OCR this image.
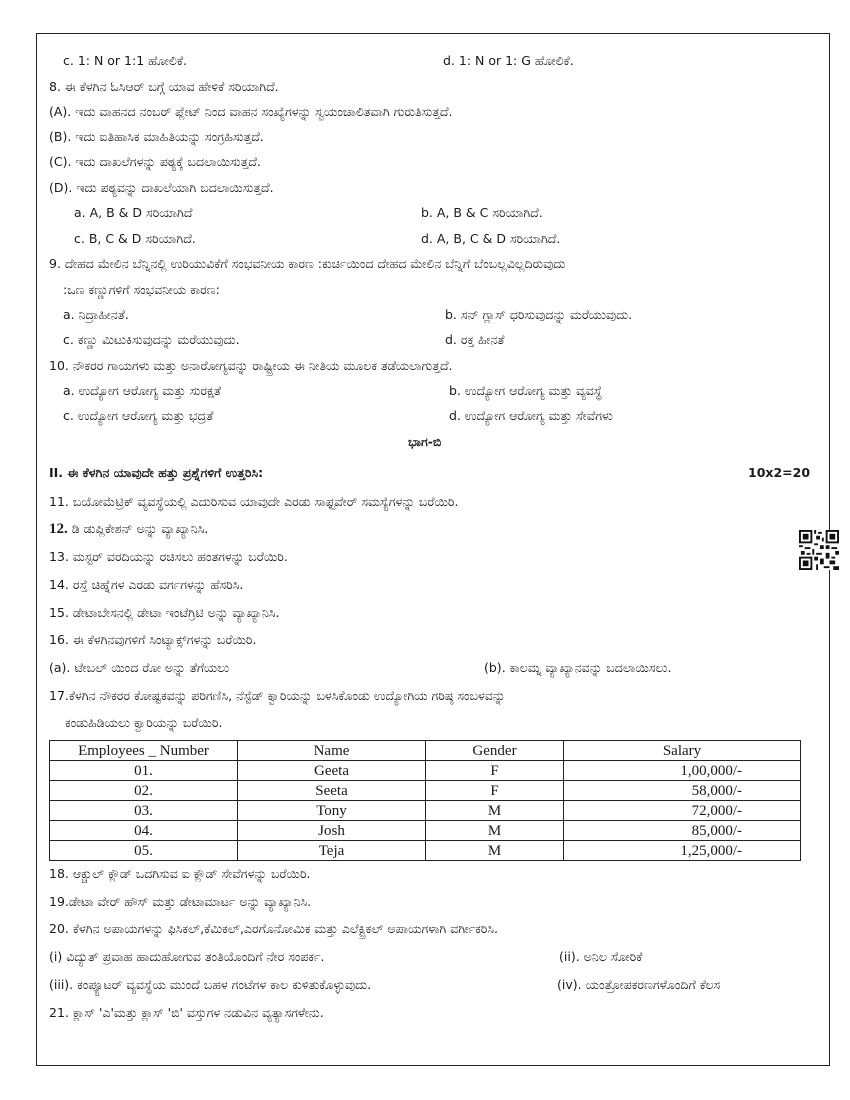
c. 1: N or 1:1 ಹೋಲಿಕೆ.	d. 1: N or 1: G ಹೋಲಿಕೆ.
8. ಈ ಕೆಳಗಿನ ಓಸಿಆರ್ ಬಗ್ಗೆ ಯಾವ ಹೇಳಿಕೆ ಸರಿಯಾಗಿದೆ.
(A). ಇದು ವಾಹನದ ನಂಬರ್ ಪ್ಲೇಟ್ ನಿಂದ ವಾಹನ ಸಂಖ್ಯೆಗಳನ್ನು ಸ್ವಯಂಚಾಲಿತವಾಗಿ ಗುರುತಿಸುತ್ತದೆ.
(B). ಇದು ಐತಿಹಾಸಿಕ ಮಾಹಿತಿಯನ್ನು ಸಂಗ್ರಹಿಸುತ್ತದೆ.
(C). ಇದು ದಾಖಲೆಗಳನ್ನು ಪಠ್ಯಕ್ಕೆ ಬದಲಾಯಿಸುತ್ತದೆ.
(D). ಇದು ಪಠ್ಯವನ್ನು ದಾಖಲೆಯಾಗಿ ಬದಲಾಯಿಸುತ್ತದೆ.
a. A, B & D ಸರಿಯಾಗಿದೆ	b. A, B & C ಸರಿಯಾಗಿದೆ.
c. B, C & D ಸರಿಯಾಗಿದೆ.	d. A, B, C & D ಸರಿಯಾಗಿದೆ.
9. ದೇಹದ ಮೇಲಿನ ಬೆನ್ನಿನಲ್ಲಿ ಉರಿಯುವಿಕೆಗೆ ಸಂಭವನೀಯ ಕಾರಣ :ಕುರ್ಚಿಯಿಂದ ದೇಹದ ಮೇಲಿನ ಬೆನ್ನಿಗೆ ಬೆಂಬಲ್ಲವಿಲ್ಲದಿರುವುದು
:ಒಣ ಕಣ್ಣುಗಳಿಗೆ ಸಂಭವನೀಯ ಕಾರಣ:
a. ನಿದ್ರಾಹೀನತೆ.	b. ಸನ್ ಗ್ಲಾಸ್ ಧರಿಸುವುದನ್ನು ಮರೆಯುವುದು.
c. ಕಣ್ಣು ಮಿಟುಕಿಸುವುದನ್ನು ಮರೆಯುವುದು.	d. ರಕ್ತ ಹೀನತೆ
10. ನೌಕರರ ಗಾಯಗಳು ಮತ್ತು ಅನಾರೋಗ್ಯವನ್ನು ರಾಷ್ಟ್ರೀಯ ಈ ನೀತಿಯ ಮೂಲಕ ತಡೆಯಲಾಗುತ್ತದೆ.
a. ಉದ್ಯೋಗ ಆರೋಗ್ಯ ಮತ್ತು ಸುರಕ್ಷತೆ	b. ಉದ್ಯೋಗ ಆರೋಗ್ಯ ಮತ್ತು ವ್ಯವಸ್ಥೆ
c. ಉದ್ಯೋಗ ಆರೋಗ್ಯ ಮತ್ತು ಭದ್ರತೆ	d. ಉದ್ಯೋಗ ಆರೋಗ್ಯ ಮತ್ತು ಸೇವೆಗಳು
ಭಾಗ-ಬಿ
II. ಈ ಕೆಳಗಿನ ಯಾವುದೇ ಹತ್ತು ಪ್ರಶ್ನೆಗಳಿಗೆ ಉತ್ತರಿಸಿ:	10x2=20
11. ಬಯೋಮೆಟ್ರಿಕ್ ವ್ಯವಸ್ಥೆಯಲ್ಲಿ ಎದುರಿಸುವ ಯಾವುದೇ ಎರಡು ಸಾಫ್ಟವೇರ್ ಸಮಸ್ಯೆಗಳನ್ನು ಬರೆಯಿರಿ.
12. ಡಿ ಡುಪ್ಲಿಕೇಶನ್ ಅನ್ನು ವ್ಯಾಖ್ಯಾನಿಸಿ.
13. ಮಸ್ಟರ್ ವರದಿಯನ್ನು ರಚಿಸಲು ಹಂತಗಳನ್ನು ಬರೆಯಿರಿ.
14. ರಸ್ತೆ ಚಿಹ್ನೆಗಳ ಎರಡು ವರ್ಗಗಳನ್ನು ಹೆಸರಿಸಿ.
15. ಡೇಟಾಬೇಸನಲ್ಲಿ ಡೇಟಾ ಇಂಟೆಗ್ರಿಟಿ ಅನ್ನು ವ್ಯಾಖ್ಯಾನಿಸಿ.
16. ಈ ಕೆಳಗಿನವುಗಳಿಗೆ ಸಿಂಟ್ಯಾಕ್ಸ್‌ಗಳನ್ನು ಬರೆಯಿರಿ.
(a). ಟೇಬಲ್ ಯಿಂದ ರೋ ಅನ್ನು ತೆಗೆಯಲು	(b). ಕಾಲಮ್ನ ವ್ಯಾಖ್ಯಾನವನ್ನು ಬದಲಾಯಿಸಲು.
17.ಕೆಳಗಿನ ನೌಕರರ ಕೋಷ್ಟಕವನ್ನು ಪರಿಗಣಿಸಿ, ನೆಸ್ಟೆಡ್ ಕ್ವಾರಿಯನ್ನು ಬಳಸಿಕೊಂಡು ಉದ್ಯೋಗಿಯ ಗರಿಷ್ಠ ಸಂಬಳವನ್ನು
ಕಂಡುಹಿಡಿಯಲು ಕ್ವಾರಿಯನ್ನು ಬರೆಯಿರಿ.
Employees _ Number	Name	Gender	Salary
01.	Geeta	F	1,00,000/-
02.	Seeta	F	58,000/-
03.	Tony	M	72,000/-
04.	Josh	M	85,000/-
05.	Teja	M	1,25,000/-
18. ಆಕ್ಚುಲ್ ಕ್ಲೌಡ್ ಒದಗಿಸುವ ಐ ಕ್ಲೌಡ್ ಸೇವೆಗಳನ್ನು ಬರೆಯಿರಿ.
19.ಡೇಟಾ ವೇರ್ ಹೌಸ್ ಮತ್ತು ಡೇಟಾಮಾರ್ಟ ಅನ್ನು ವ್ಯಾಖ್ಯಾನಿಸಿ.
20. ಕೆಳಗಿನ ಅಪಾಯಗಳನ್ನು ಫಿಸಿಕಲ್,ಕೆಮಿಕಲ್,ಎರಗೊನೋಮಿಕ ಮತ್ತು ಎಲೆಕ್ಟ್ರಿಕಲ್ ಅಪಾಯಗಳಾಗಿ ವರ್ಗೀಕರಿಸಿ.
(i) ವಿದ್ಯುತ್ ಪ್ರವಾಹ ಹಾದುಹೋಗುವ ತಂತಿಯೊಂದಿಗೆ ನೇರ ಸಂಪರ್ಕ.	(ii). ಅನಿಲ ಸೋರಿಕೆ
(iii). ಕಂಪ್ಯೂಟರ್ ವ್ಯವಸ್ಥೆಯ ಮುಂದೆ ಬಹಳ ಗಂಟೆಗಳ ಕಾಲ ಕುಳಿತುಕೊಳ್ಳುವುದು.	(iv). ಯಂತ್ರೋಪಕರಣಗಳೊಂದಿಗೆ ಕೆಲಸ
21. ಕ್ಲಾಸ್ 'ಎ'ಮತ್ತು ಕ್ಲಾಸ್ 'ಬಿ' ವಸ್ತುಗಳ ನಡುವಿನ ವ್ಯತ್ಯಾಸಗಳೇನು.
